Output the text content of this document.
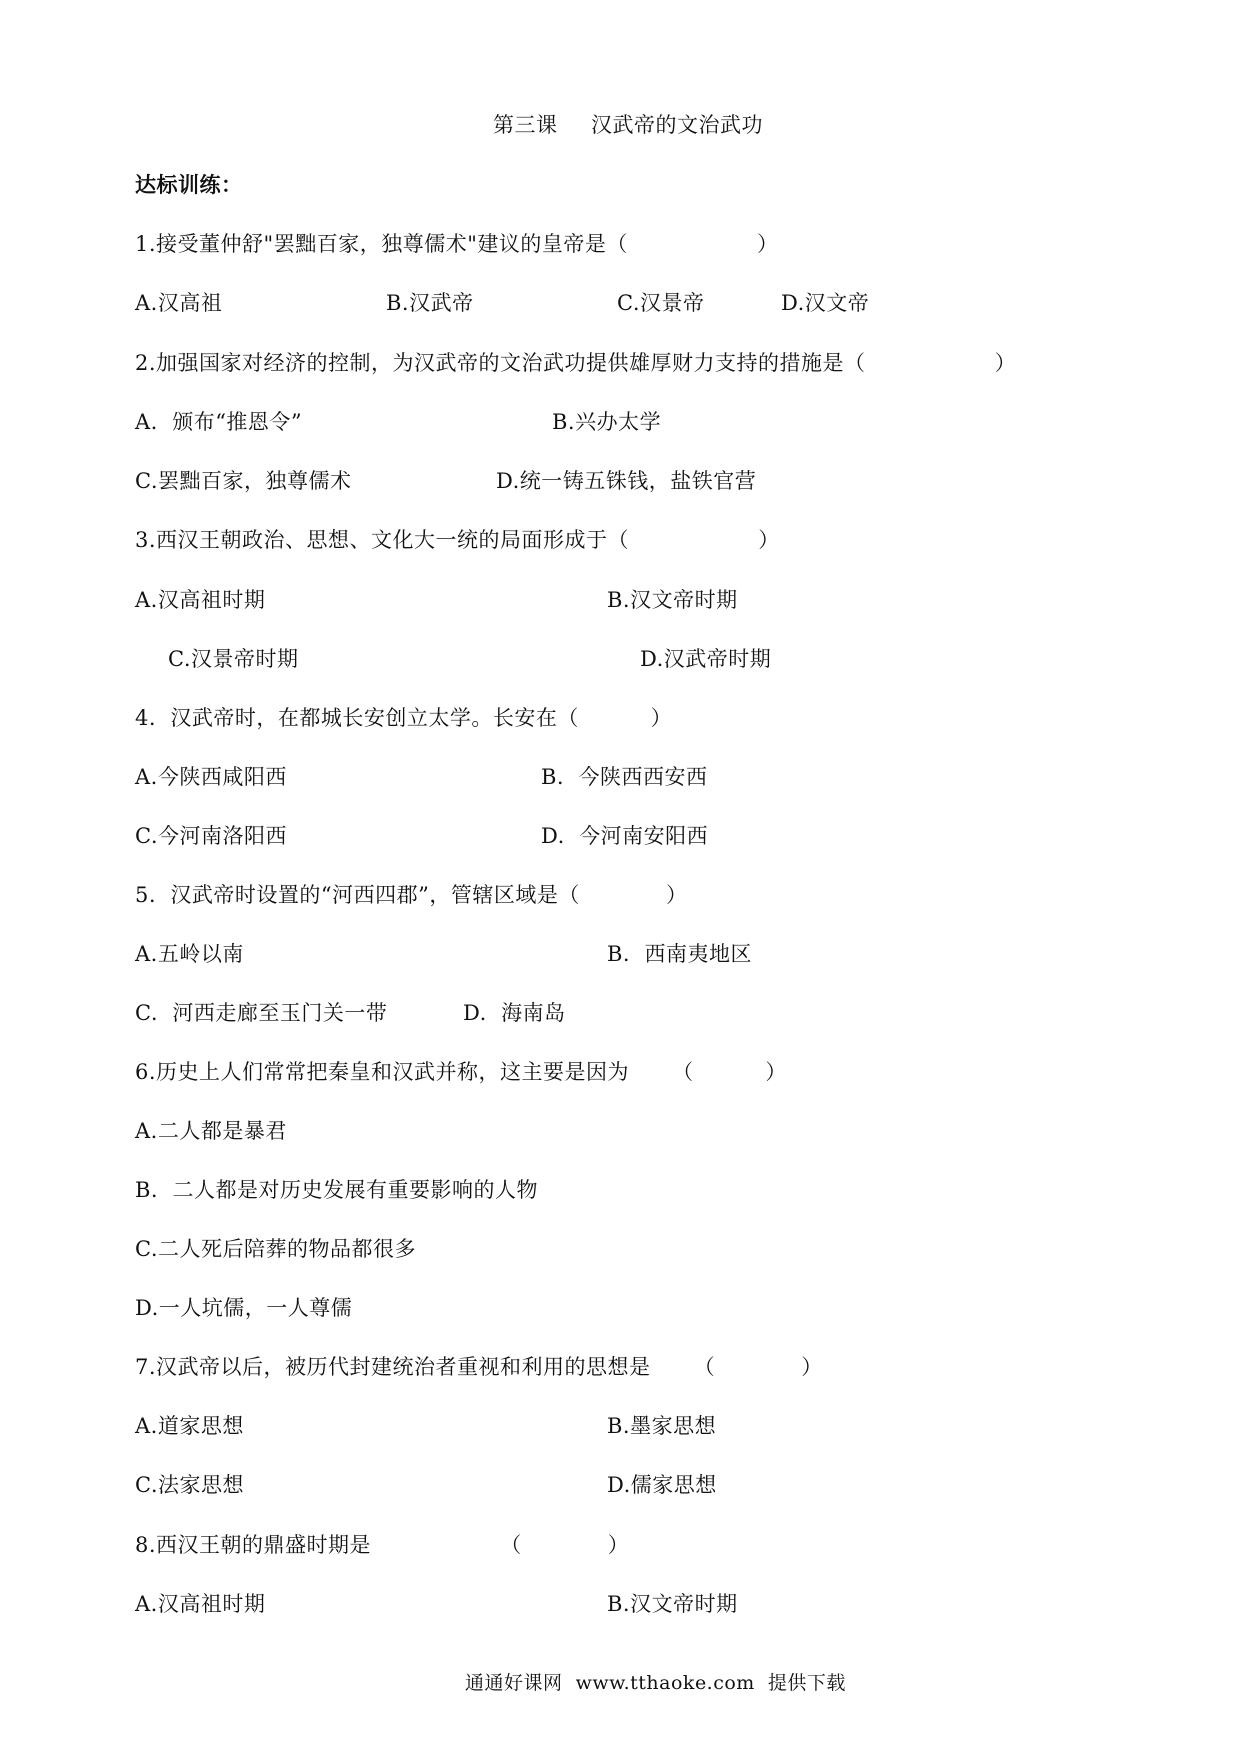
第三课 汉武帝的文治武功
达标训练：
1.接受董仲舒"罢黜百家，独尊儒术"建议的皇帝是（                  ）
A.汉高祖	B.汉武帝	C.汉景帝	D.汉文帝
2.加强国家对经济的控制，为汉武帝的文治武功提供雄厚财力支持的措施是（                  ）
A.  颁布“推恩令”	B.兴办太学
C.罢黜百家，独尊儒术	D.统一铸五铢钱，盐铁官营
3.西汉王朝政治、思想、文化大一统的局面形成于（                  ）
A.汉高祖时期	B.汉文帝时期
C.汉景帝时期	D.汉武帝时期
4.  汉武帝时，在都城长安创立太学。长安在（          ）
A.今陕西咸阳西	B.  今陕西西安西
C.今河南洛阳西	D.  今河南安阳西
5.  汉武帝时设置的“河西四郡”，管辖区域是（            ）
A.五岭以南	B.  西南夷地区
C.  河西走廊至玉门关一带	D.  海南岛
6.历史上人们常常把秦皇和汉武并称，这主要是因为      （          ）
A.二人都是暴君
B.  二人都是对历史发展有重要影响的人物
C.二人死后陪葬的物品都很多
D.一人坑儒，一人尊儒
7.汉武帝以后，被历代封建统治者重视和利用的思想是      （            ）
A.道家思想	B.墨家思想
C.法家思想	D.儒家思想
8.西汉王朝的鼎盛时期是                  （            ）
A.汉高祖时期	B.汉文帝时期
通通好课网  www.tthaoke.com  提供下载
